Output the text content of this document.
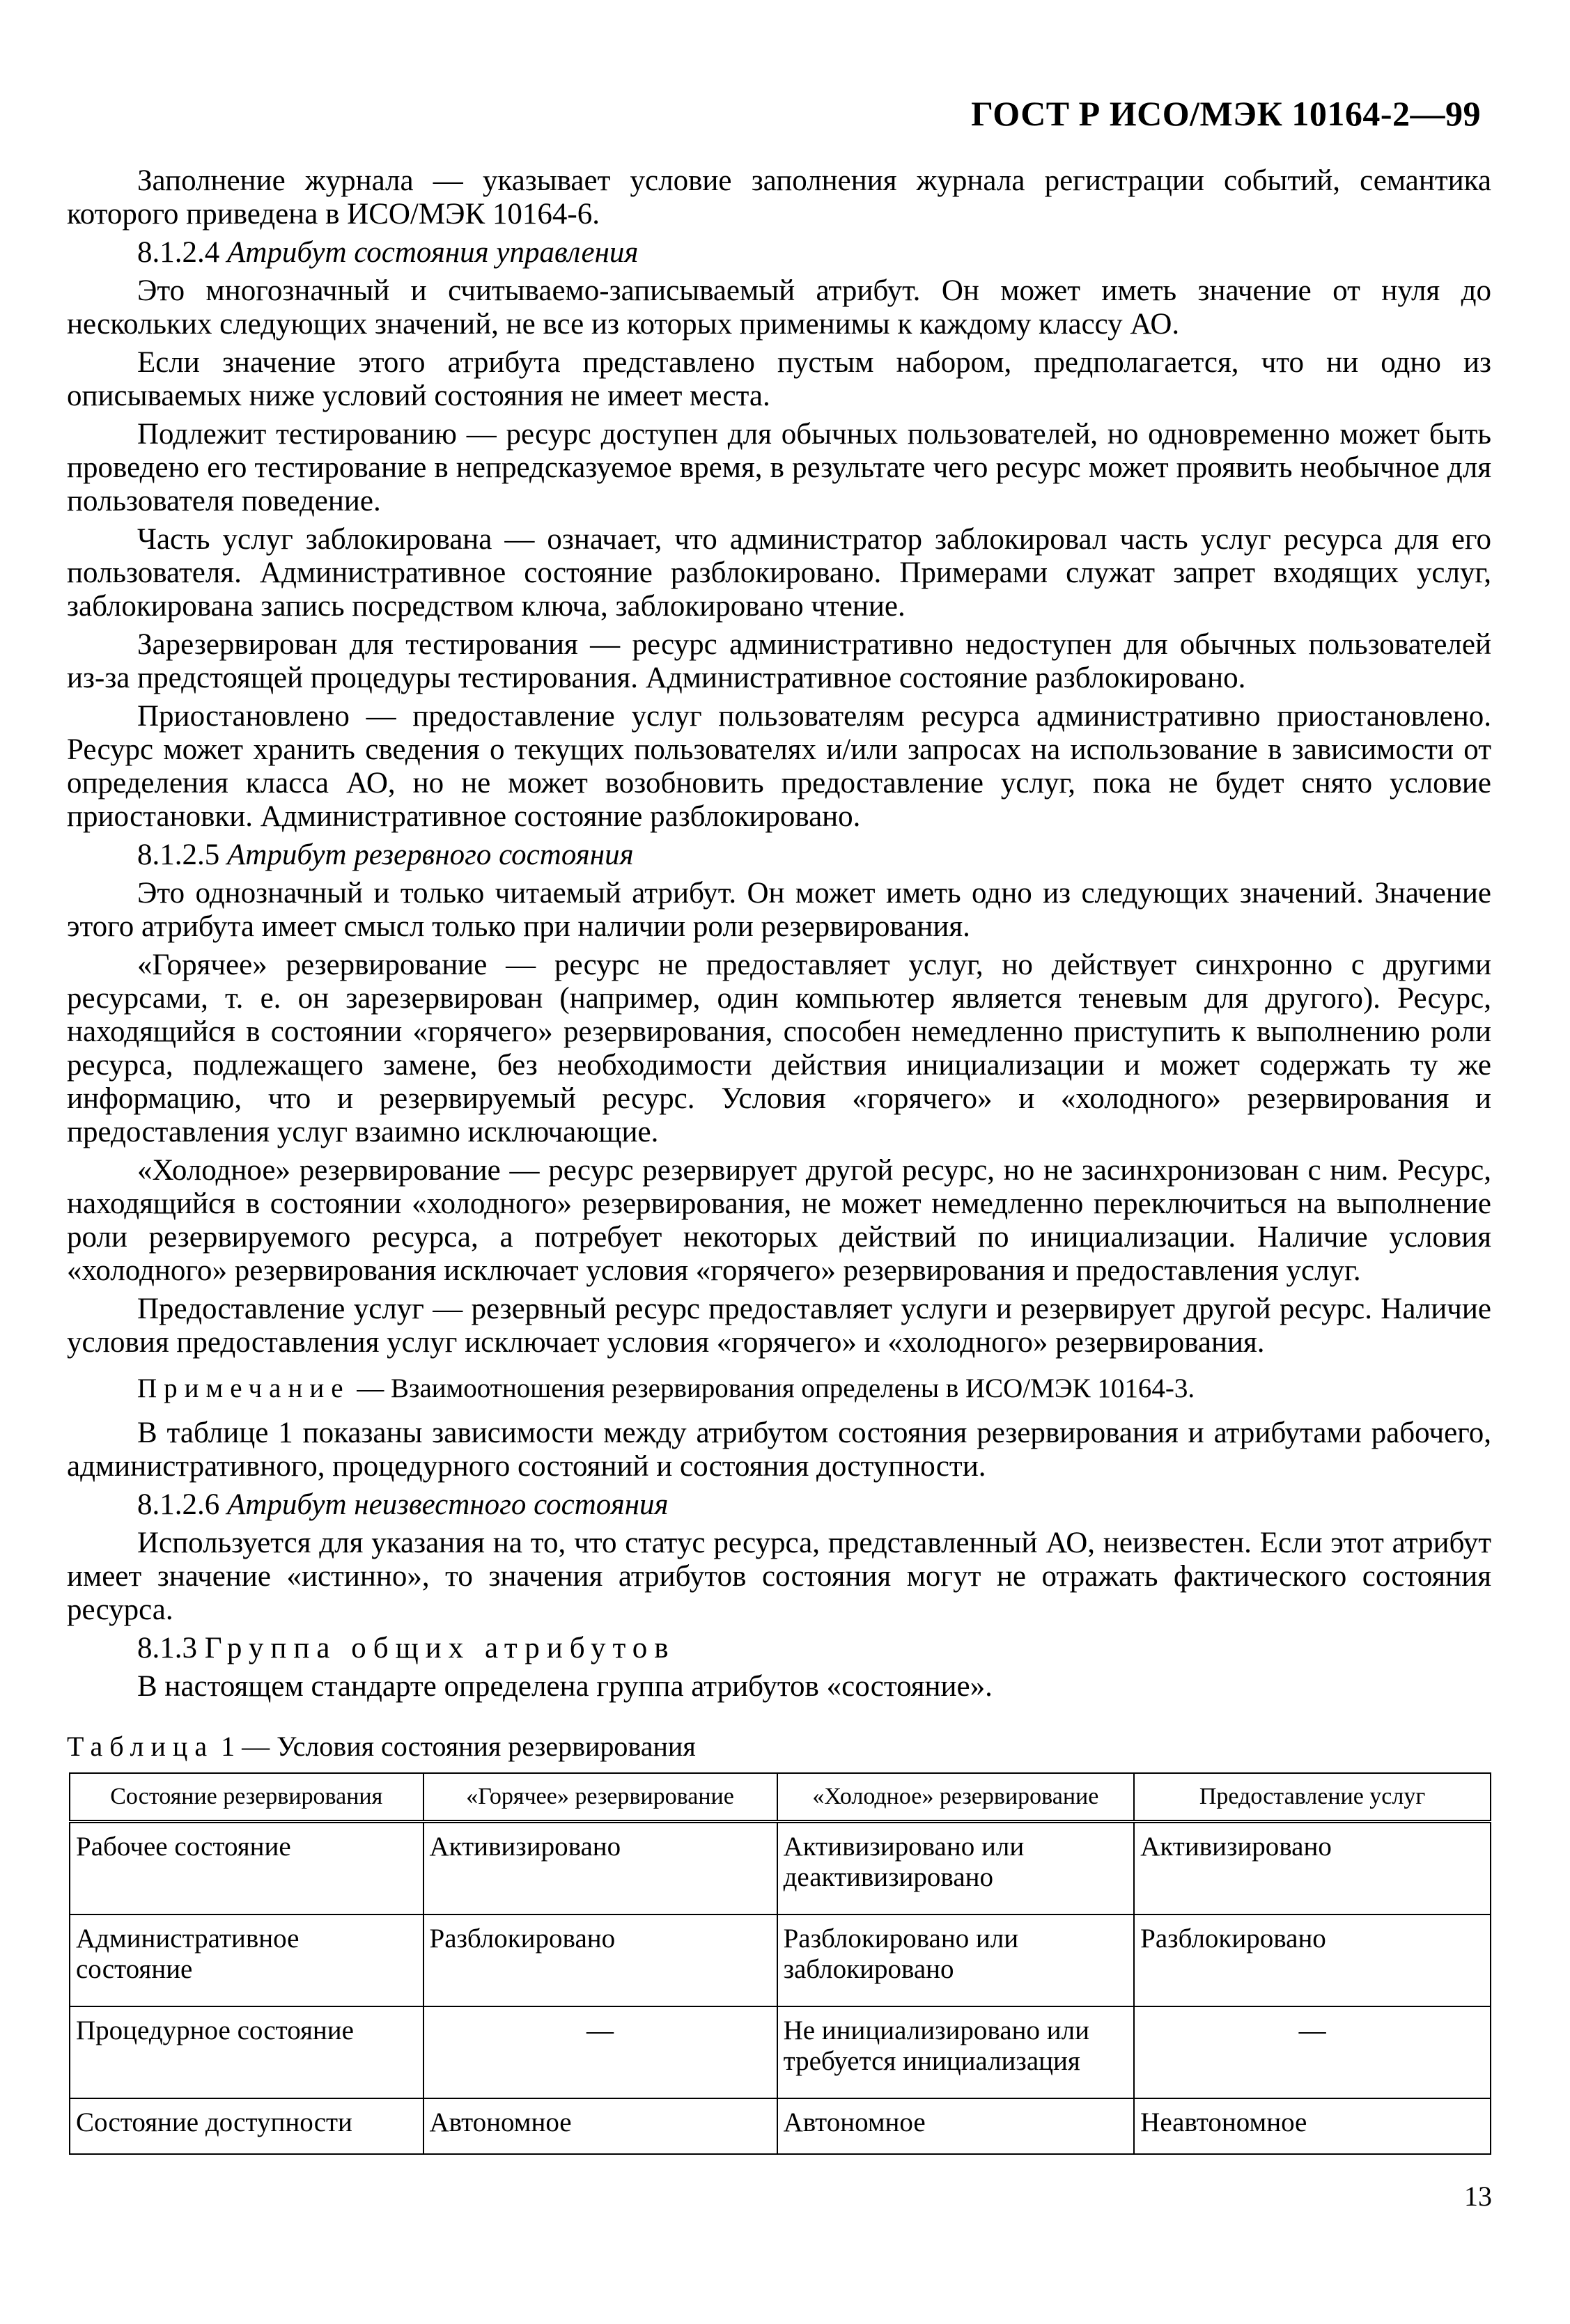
ГОСТ Р ИСО/МЭК 10164-2—99

Заполнение журнала — указывает условие заполнения журнала регистрации событий, семантика которого приведена в ИСО/МЭК 10164-6.

8.1.2.4 Атрибут состояния управления

Это многозначный и считываемо-записываемый атрибут. Он может иметь значение от нуля до нескольких следующих значений, не все из которых применимы к каждому классу АО.

Если значение этого атрибута представлено пустым набором, предполагается, что ни одно из описываемых ниже условий состояния не имеет места.

Подлежит тестированию — ресурс доступен для обычных пользователей, но одновременно может быть проведено его тестирование в непредсказуемое время, в результате чего ресурс может проявить необычное для пользователя поведение.

Часть услуг заблокирована — означает, что администратор заблокировал часть услуг ресурса для его пользователя. Административное состояние разблокировано. Примерами служат запрет входящих услуг, заблокирована запись посредством ключа, заблокировано чтение.

Зарезервирован для тестирования — ресурс административно недоступен для обычных пользователей из-за предстоящей процедуры тестирования. Административное состояние разблокировано.

Приостановлено — предоставление услуг пользователям ресурса административно приостановлено. Ресурс может хранить сведения о текущих пользователях и/или запросах на использование в зависимости от определения класса АО, но не может возобновить предоставление услуг, пока не будет снято условие приостановки. Административное состояние разблокировано.

8.1.2.5 Атрибут резервного состояния

Это однозначный и только читаемый атрибут. Он может иметь одно из следующих значений. Значение этого атрибута имеет смысл только при наличии роли резервирования.

«Горячее» резервирование — ресурс не предоставляет услуг, но действует синхронно с другими ресурсами, т. е. он зарезервирован (например, один компьютер является теневым для другого). Ресурс, находящийся в состоянии «горячего» резервирования, способен немедленно приступить к выполнению роли ресурса, подлежащего замене, без необходимости действия инициализации и может содержать ту же информацию, что и резервируемый ресурс. Условия «горячего» и «холодного» резервирования и предоставления услуг взаимно исключающие.

«Холодное» резервирование — ресурс резервирует другой ресурс, но не засинхронизован с ним. Ресурс, находящийся в состоянии «холодного» резервирования, не может немедленно переключиться на выполнение роли резервируемого ресурса, а потребует некоторых действий по инициализации. Наличие условия «холодного» резервирования исключает условия «горячего» резервирования и предоставления услуг.

Предоставление услуг — резервный ресурс предоставляет услуги и резервирует другой ресурс. Наличие условия предоставления услуг исключает условия «горячего» и «холодного» резервирования.

Примечание — Взаимоотношения резервирования определены в ИСО/МЭК 10164-3.

В таблице 1 показаны зависимости между атрибутом состояния резервирования и атрибутами рабочего, административного, процедурного состояний и состояния доступности.

8.1.2.6 Атрибут неизвестного состояния

Используется для указания на то, что статус ресурса, представленный АО, неизвестен. Если этот атрибут имеет значение «истинно», то значения атрибутов состояния могут не отражать фактического состояния ресурса.

8.1.3 Группа общих атрибутов

В настоящем стандарте определена группа атрибутов «состояние».

Таблица 1 — Условия состояния резервирования
Состояние резервирования	«Горячее» резервирование	«Холодное» резервирование	Предоставление услуг
Рабочее состояние	Активизировано	Активизировано или деактивизировано	Активизировано
Административное состояние	Разблокировано	Разблокировано или заблокировано	Разблокировано
Процедурное состояние	—	Не инициализировано или требуется инициализация	—
Состояние доступности	Автономное	Автономное	Неавтономное
13
